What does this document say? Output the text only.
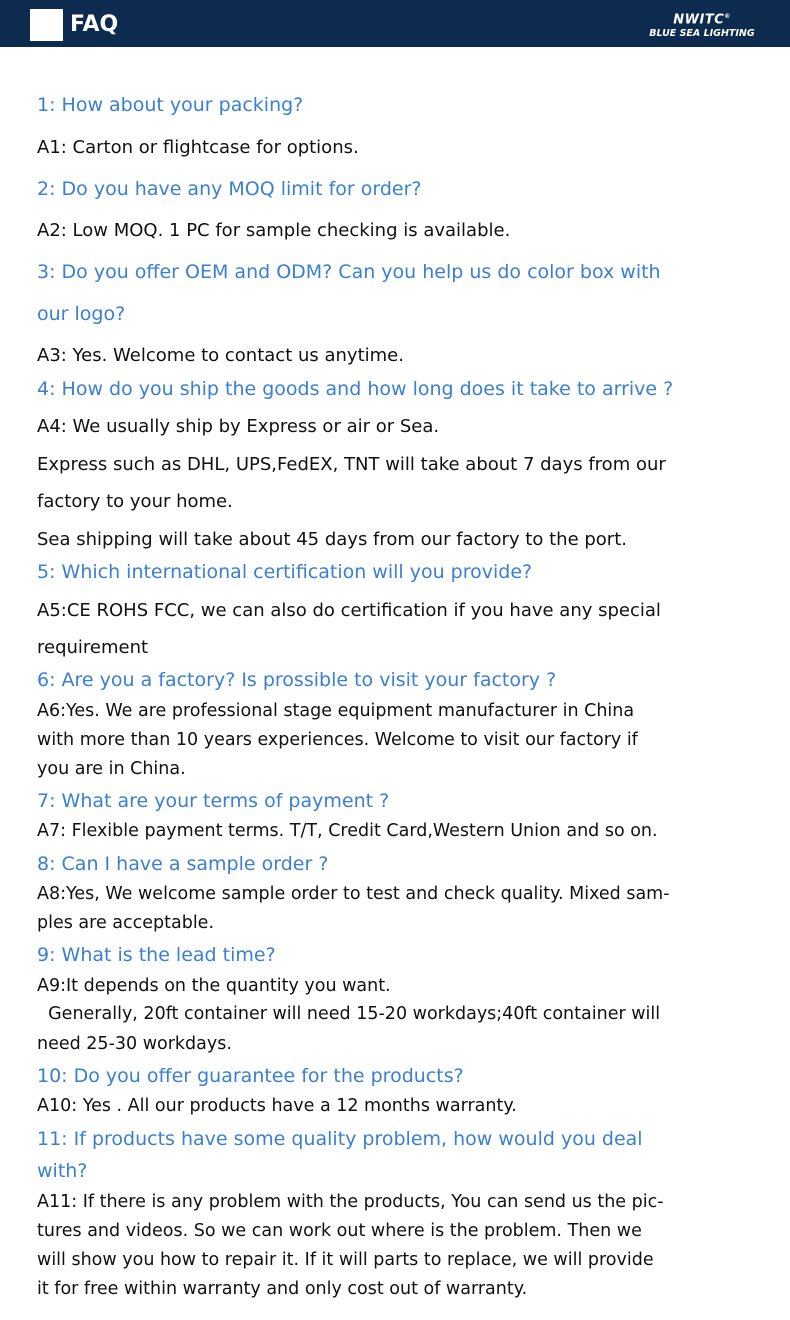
FAQ	NWITC®
BLUE SEA LIGHTING
1: How about your packing?
A1: Carton or flightcase for options.
2: Do you have any MOQ limit for order?
A2: Low MOQ. 1 PC for sample checking is available.
3: Do you offer OEM and ODM? Can you help us do color box with
our logo?
A3: Yes. Welcome to contact us anytime.
4: How do you ship the goods and how long does it take to arrive ?
A4: We usually ship by Express or air or Sea.
Express such as DHL, UPS,FedEX, TNT will take about 7 days from our
factory to your home.
Sea shipping will take about 45 days from our factory to the port.
5: Which international certification will you provide?
A5:CE ROHS FCC, we can also do certification if you have any special
requirement
6: Are you a factory? Is prossible to visit your factory ?
A6:Yes. We are professional stage equipment manufacturer in China
with more than 10 years experiences. Welcome to visit our factory if
you are in China.
7: What are your terms of payment ?
A7: Flexible payment terms. T/T, Credit Card,Western Union and so on.
8: Can I have a sample order ?
A8:Yes, We welcome sample order to test and check quality. Mixed sam-
ples are acceptable.
9: What is the lead time?
A9:It depends on the quantity you want.
Generally, 20ft container will need 15-20 workdays;40ft container will
need 25-30 workdays.
10: Do you offer guarantee for the products?
A10: Yes . All our products have a 12 months warranty.
11: If products have some quality problem, how would you deal
with?
A11: If there is any problem with the products, You can send us the pic-
tures and videos. So we can work out where is the problem. Then we
will show you how to repair it. If it will parts to replace, we will provide
it for free within warranty and only cost out of warranty.
